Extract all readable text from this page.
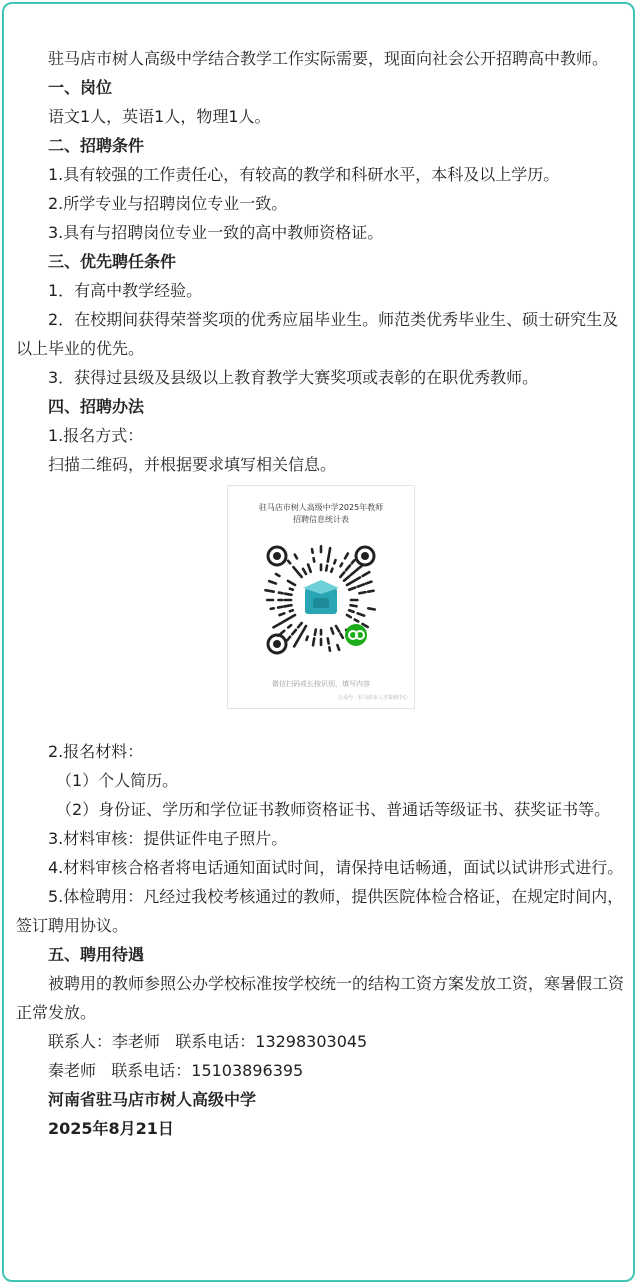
驻马店市树人高级中学结合教学工作实际需要，现面向社会公开招聘高中教师。

一、岗位

语文1人，英语1人，物理1人。

二、招聘条件

1.具有较强的工作责任心，有较高的教学和科研水平，本科及以上学历。

2.所学专业与招聘岗位专业一致。

3.具有与招聘岗位专业一致的高中教师资格证。

三、优先聘任条件

1．有高中教学经验。

2．在校期间获得荣誉奖项的优秀应届毕业生。师范类优秀毕业生、硕士研究生及以上毕业的优先。

3．获得过县级及县级以上教育教学大赛奖项或表彰的在职优秀教师。

四、招聘办法

1.报名方式：

扫描二维码，并根据要求填写相关信息。

驻马店市树人高级中学2025年教师
招聘信息统计表
微信扫码或长按识别，填写内容
公众号 · 驻马店市人才资源中心

2.报名材料：

（1）个人简历。

（2）身份证、学历和学位证书教师资格证书、普通话等级证书、获奖证书等。

3.材料审核：提供证件电子照片。

4.材料审核合格者将电话通知面试时间，请保持电话畅通，面试以试讲形式进行。

5.体检聘用：凡经过我校考核通过的教师，提供医院体检合格证，在规定时间内，签订聘用协议。

五、聘用待遇

被聘用的教师参照公办学校标准按学校统一的结构工资方案发放工资，寒暑假工资正常发放。

联系人：李老师   联系电话：13298303045

秦老师   联系电话：15103896395

河南省驻马店市树人高级中学

2025年8月21日
